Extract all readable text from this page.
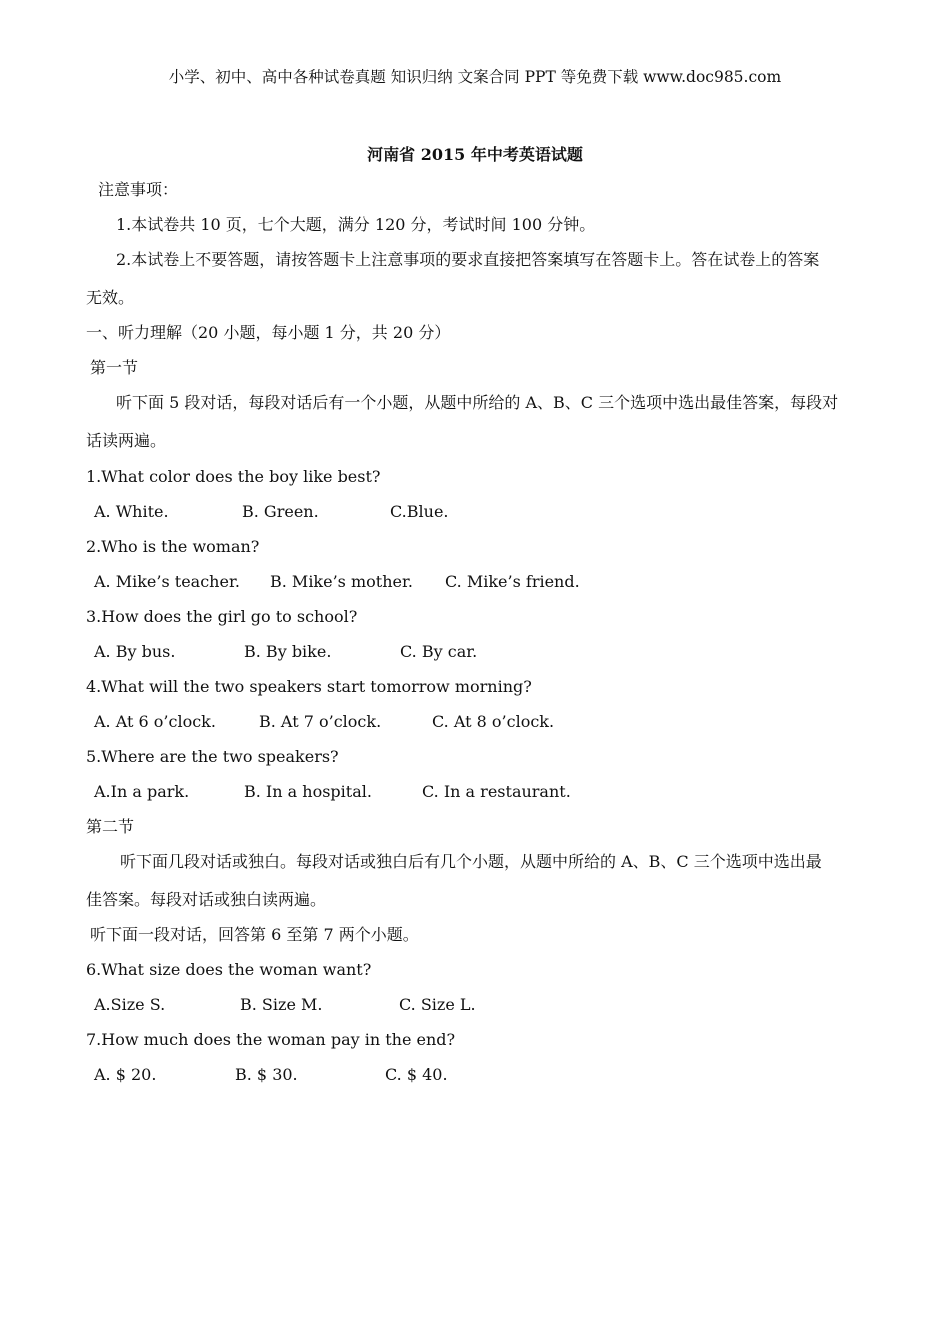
小学、初中、高中各种试卷真题 知识归纳 文案合同 PPT 等免费下载 www.doc985.com
河南省 2015 年中考英语试题
注意事项：
1.本试卷共 10 页，七个大题，满分 120 分，考试时间 100 分钟。
2.本试卷上不要答题，请按答题卡上注意事项的要求直接把答案填写在答题卡上。答在试卷上的答案
无效。
一、听力理解（20 小题，每小题 1 分，共 20 分）
第一节
听下面 5 段对话，每段对话后有一个小题，从题中所给的 A、B、C 三个选项中选出最佳答案，每段对
话读两遍。
1.What color does the boy like best?
A. White.	B. Green.	C.Blue.
2.Who is the woman?
A. Mike’s teacher. B. Mike’s mother. C. Mike’s friend.
3.How does the girl go to school?
A. By bus.	B. By bike.	C. By car.
4.What will the two speakers start tomorrow morning?
A. At 6 o’clock.	B. At 7 o’clock.	C. At 8 o’clock.
5.Where are the two speakers?
A.In a park.	B. In a hospital.	C. In a restaurant.
第二节
听下面几段对话或独白。每段对话或独白后有几个小题，从题中所给的 A、B、C 三个选项中选出最
佳答案。每段对话或独白读两遍。
听下面一段对话，回答第 6 至第 7 两个小题。
6.What size does the woman want?
A.Size S.	B. Size M.	C. Size L.
7.How much does the woman pay in the end?
A. $ 20.	B. $ 30.	C. $ 40.
